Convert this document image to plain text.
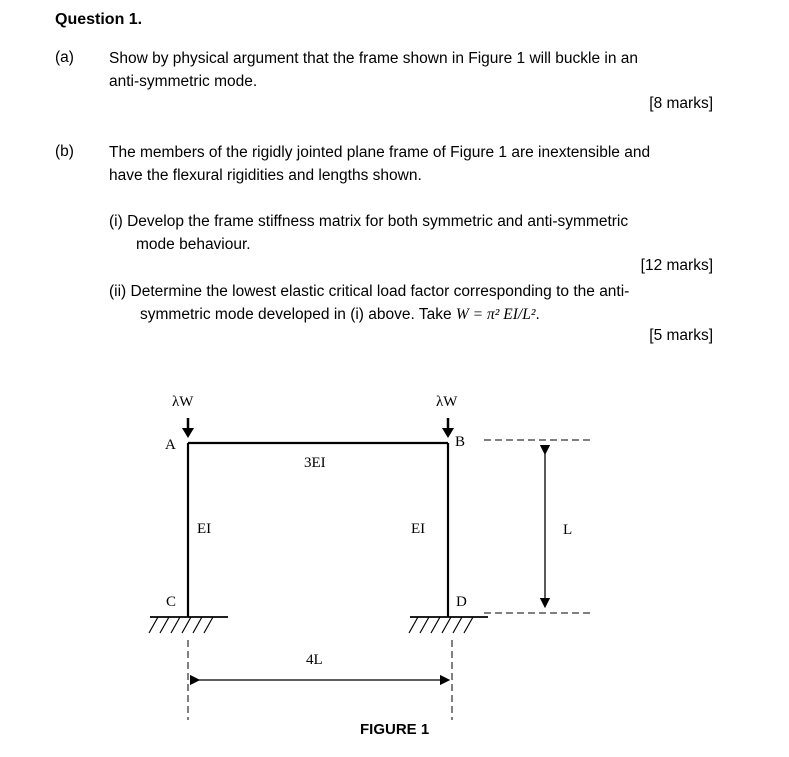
Question 1.
(a) Show by physical argument that the frame shown in Figure 1 will buckle in an
anti-symmetric mode.
[8 marks]
(b) The members of the rigidly jointed plane frame of Figure 1 are inextensible and
have the flexural rigidities and lengths shown.
(i) Develop the frame stiffness matrix for both symmetric and anti-symmetric
mode behaviour.
[12 marks]
(ii) Determine the lowest elastic critical load factor corresponding to the anti-
symmetric mode developed in (i) above. Take W = π² EI/L².
[5 marks]
λW	λW
A	B
C	D
3EI
EI	EI	L
4L
FIGURE 1
